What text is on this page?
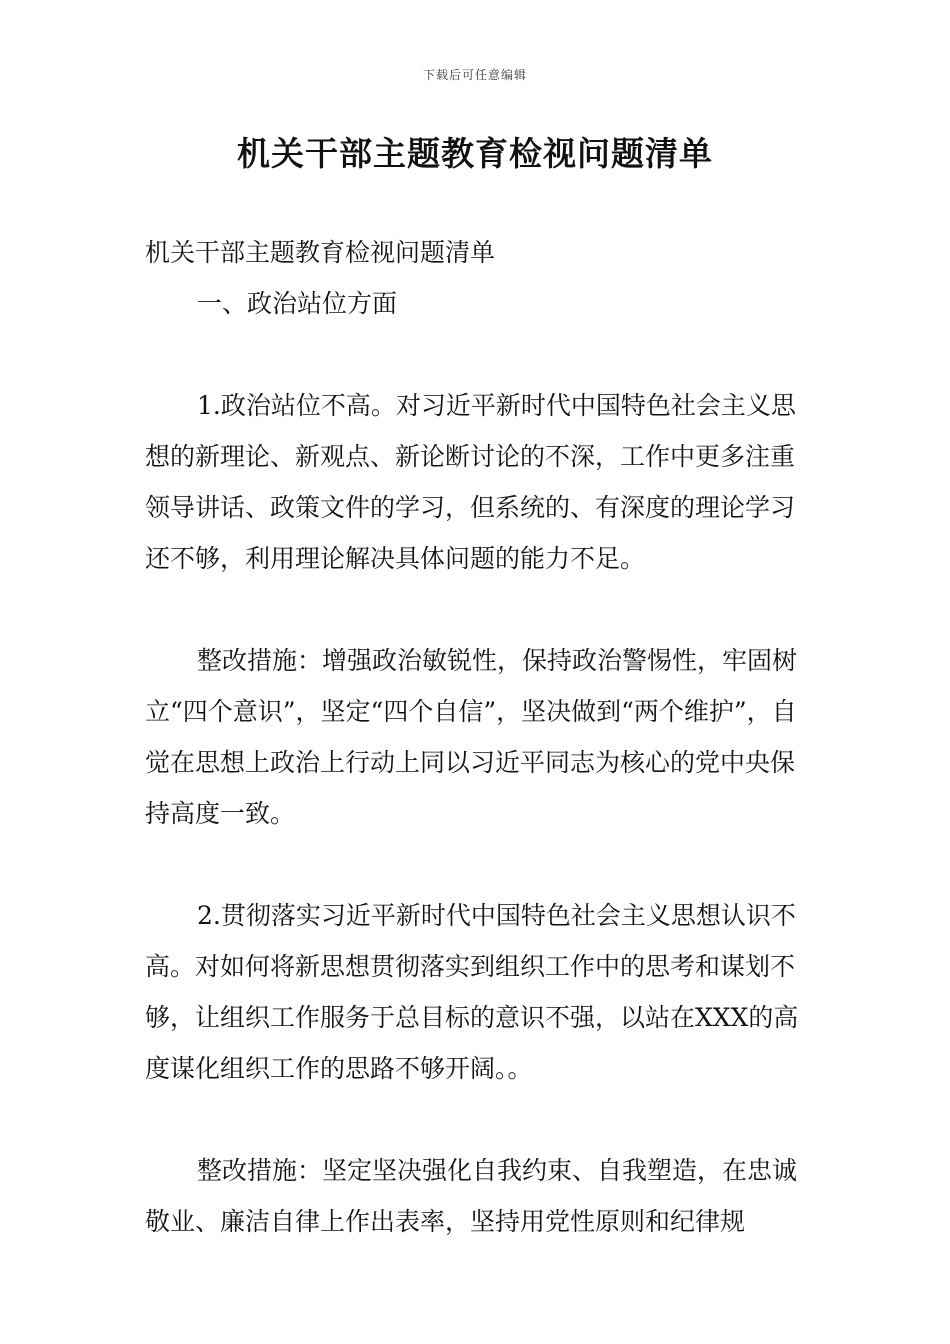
下载后可任意编辑
机关干部主题教育检视问题清单

机关干部主题教育检视问题清单

一、政治站位方面

1.政治站位不高。对习近平新时代中国特色社会主义思想的新理论、新观点、新论断讨论的不深，工作中更多注重领导讲话、政策文件的学习，但系统的、有深度的理论学习还不够，利用理论解决具体问题的能力不足。

整改措施：增强政治敏锐性，保持政治警惕性，牢固树立“四个意识”，坚定“四个自信”，坚决做到“两个维护”，自觉在思想上政治上行动上同以习近平同志为核心的党中央保持高度一致。

2.贯彻落实习近平新时代中国特色社会主义思想认识不高。对如何将新思想贯彻落实到组织工作中的思考和谋划不够，让组织工作服务于总目标的意识不强，以站在XXX的高度谋化组织工作的思路不够开阔。。

整改措施：坚定坚决强化自我约束、自我塑造，在忠诚敬业、廉洁自律上作出表率，坚持用党性原则和纪律规
